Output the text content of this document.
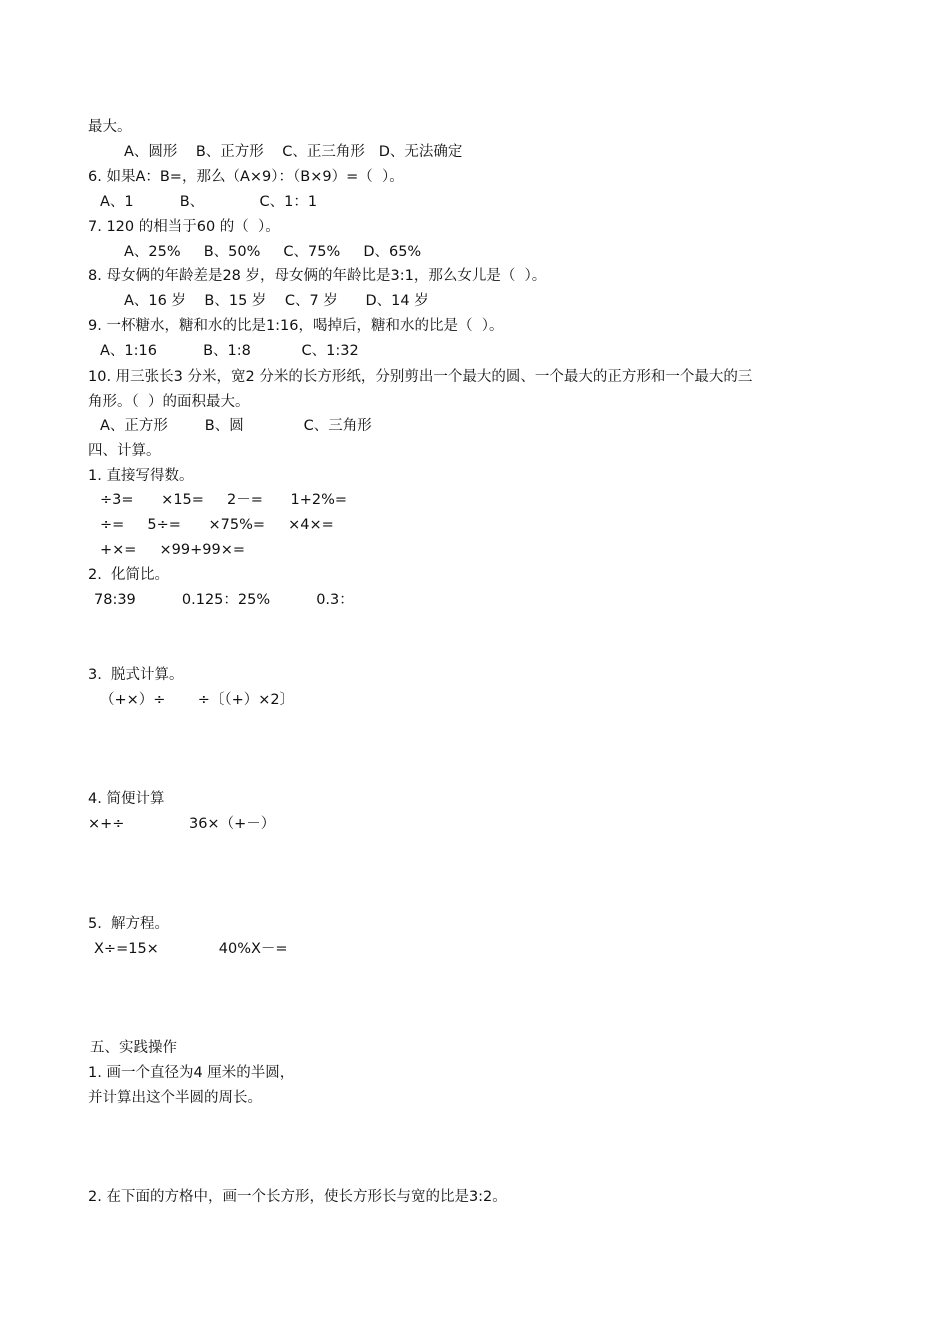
最大。
A、圆形    B、正方形    C、正三角形   D、无法确定
6. 如果A：B=，那么（A×9）：（B×9）=（  ）。
A、1          B、            C、1：1
7. 120 的相当于60 的（  ）。
A、25%     B、50%     C、75%     D、65%
8. 母女俩的年龄差是28 岁，母女俩的年龄比是3:1，那么女儿是（  ）。
A、16 岁    B、15 岁    C、7 岁      D、14 岁
9. 一杯糖水，糖和水的比是1:16，喝掉后，糖和水的比是（  ）。
A、1:16          B、1:8           C、1:32
10. 用三张长3 分米，宽2 分米的长方形纸，分别剪出一个最大的圆、一个最大的正方形和一个最大的三
角形。（  ）的面积最大。
A、正方形        B、圆             C、三角形
四、计算。
1. 直接写得数。
÷3=      ×15=     2－=      1+2%=
÷=     5÷=      ×75%=     ×4×=
+×=     ×99+99×=
2.  化简比。
78:39          0.125：25%          0.3：
3.  脱式计算。
（+×）÷       ÷〔（+）×2〕
4. 简便计算
×+÷              36×（+－）
5.  解方程。
X÷=15×             40%X－=
五、实践操作
1. 画一个直径为4 厘米的半圆，
并计算出这个半圆的周长。
2. 在下面的方格中，画一个长方形，使长方形长与宽的比是3:2。
